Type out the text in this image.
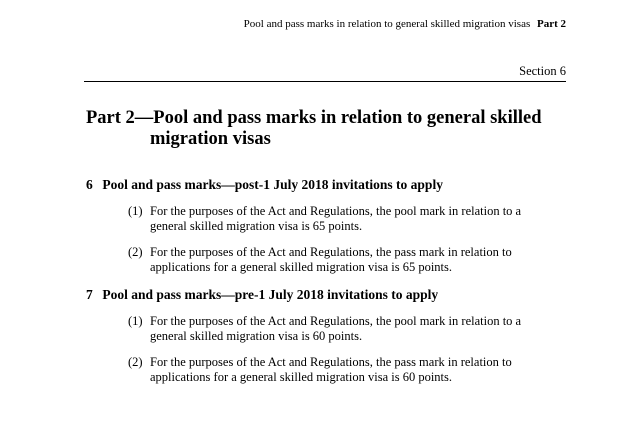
Pool and pass marks in relation to general skilled migration visas Part 2
Section 6
Part 2—Pool and pass marks in relation to general skilled
migration visas
6 Pool and pass marks—post-1 July 2018 invitations to apply
(1) For the purposes of the Act and Regulations, the pool mark in relation to a general skilled migration visa is 65 points.
(2) For the purposes of the Act and Regulations, the pass mark in relation to applications for a general skilled migration visa is 65 points.
7 Pool and pass marks—pre-1 July 2018 invitations to apply
(1) For the purposes of the Act and Regulations, the pool mark in relation to a general skilled migration visa is 60 points.
(2) For the purposes of the Act and Regulations, the pass mark in relation to applications for a general skilled migration visa is 60 points.
